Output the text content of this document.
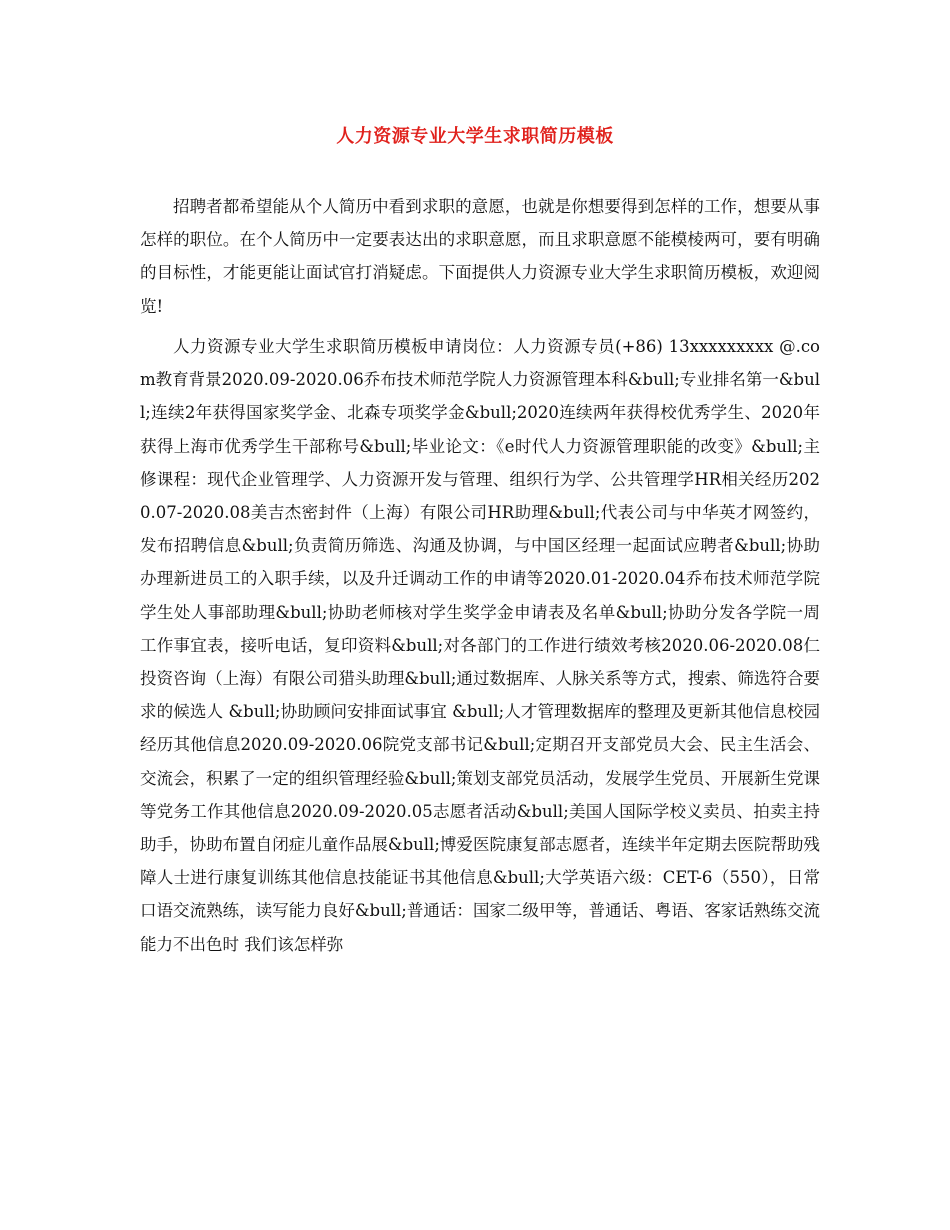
人力资源专业大学生求职简历模板

招聘者都希望能从个人简历中看到求职的意愿，也就是你想要得到怎样的工作，想要从事怎样的职位。在个人简历中一定要表达出的求职意愿，而且求职意愿不能模棱两可，要有明确的目标性，才能更能让面试官打消疑虑。下面提供人力资源专业大学生求职简历模板，欢迎阅览!

人力资源专业大学生求职简历模板申请岗位：人力资源专员(+86) 13xxxxxxxxx @.com教育背景2020.09-2020.06乔布技术师范学院人力资源管理本科&bull;专业排名第一&bull;连续2年获得国家奖学金、北森专项奖学金&bull;2020连续两年获得校优秀学生、2020年获得上海市优秀学生干部称号&bull;毕业论文：《e时代人力资源管理职能的改变》&bull;主修课程：现代企业管理学、人力资源开发与管理、组织行为学、公共管理学HR相关经历2020.07-2020.08美吉杰密封件（上海）有限公司HR助理&bull;代表公司与中华英才网签约，发布招聘信息&bull;负责简历筛选、沟通及协调，与中国区经理一起面试应聘者&bull;协助办理新进员工的入职手续，以及升迁调动工作的申请等2020.01-2020.04乔布技术师范学院学生处人事部助理&bull;协助老师核对学生奖学金申请表及名单&bull;协助分发各学院一周工作事宜表，接听电话，复印资料&bull;对各部门的工作进行绩效考核2020.06-2020.08仁投资咨询（上海）有限公司猎头助理&bull;通过数据库、人脉关系等方式，搜索、筛选符合要求的候选人 &bull;协助顾问安排面试事宜 &bull;人才管理数据库的整理及更新其他信息校园经历其他信息2020.09-2020.06院党支部书记&bull;定期召开支部党员大会、民主生活会、交流会，积累了一定的组织管理经验&bull;策划支部党员活动，发展学生党员、开展新生党课等党务工作其他信息2020.09-2020.05志愿者活动&bull;美国人国际学校义卖员、拍卖主持助手，协助布置自闭症儿童作品展&bull;博爱医院康复部志愿者，连续半年定期去医院帮助残障人士进行康复训练其他信息技能证书其他信息&bull;大学英语六级：CET-6（550），日常口语交流熟练，读写能力良好&bull;普通话：国家二级甲等，普通话、粤语、客家话熟练交流　　　能力不出色时 我们该怎样弥
